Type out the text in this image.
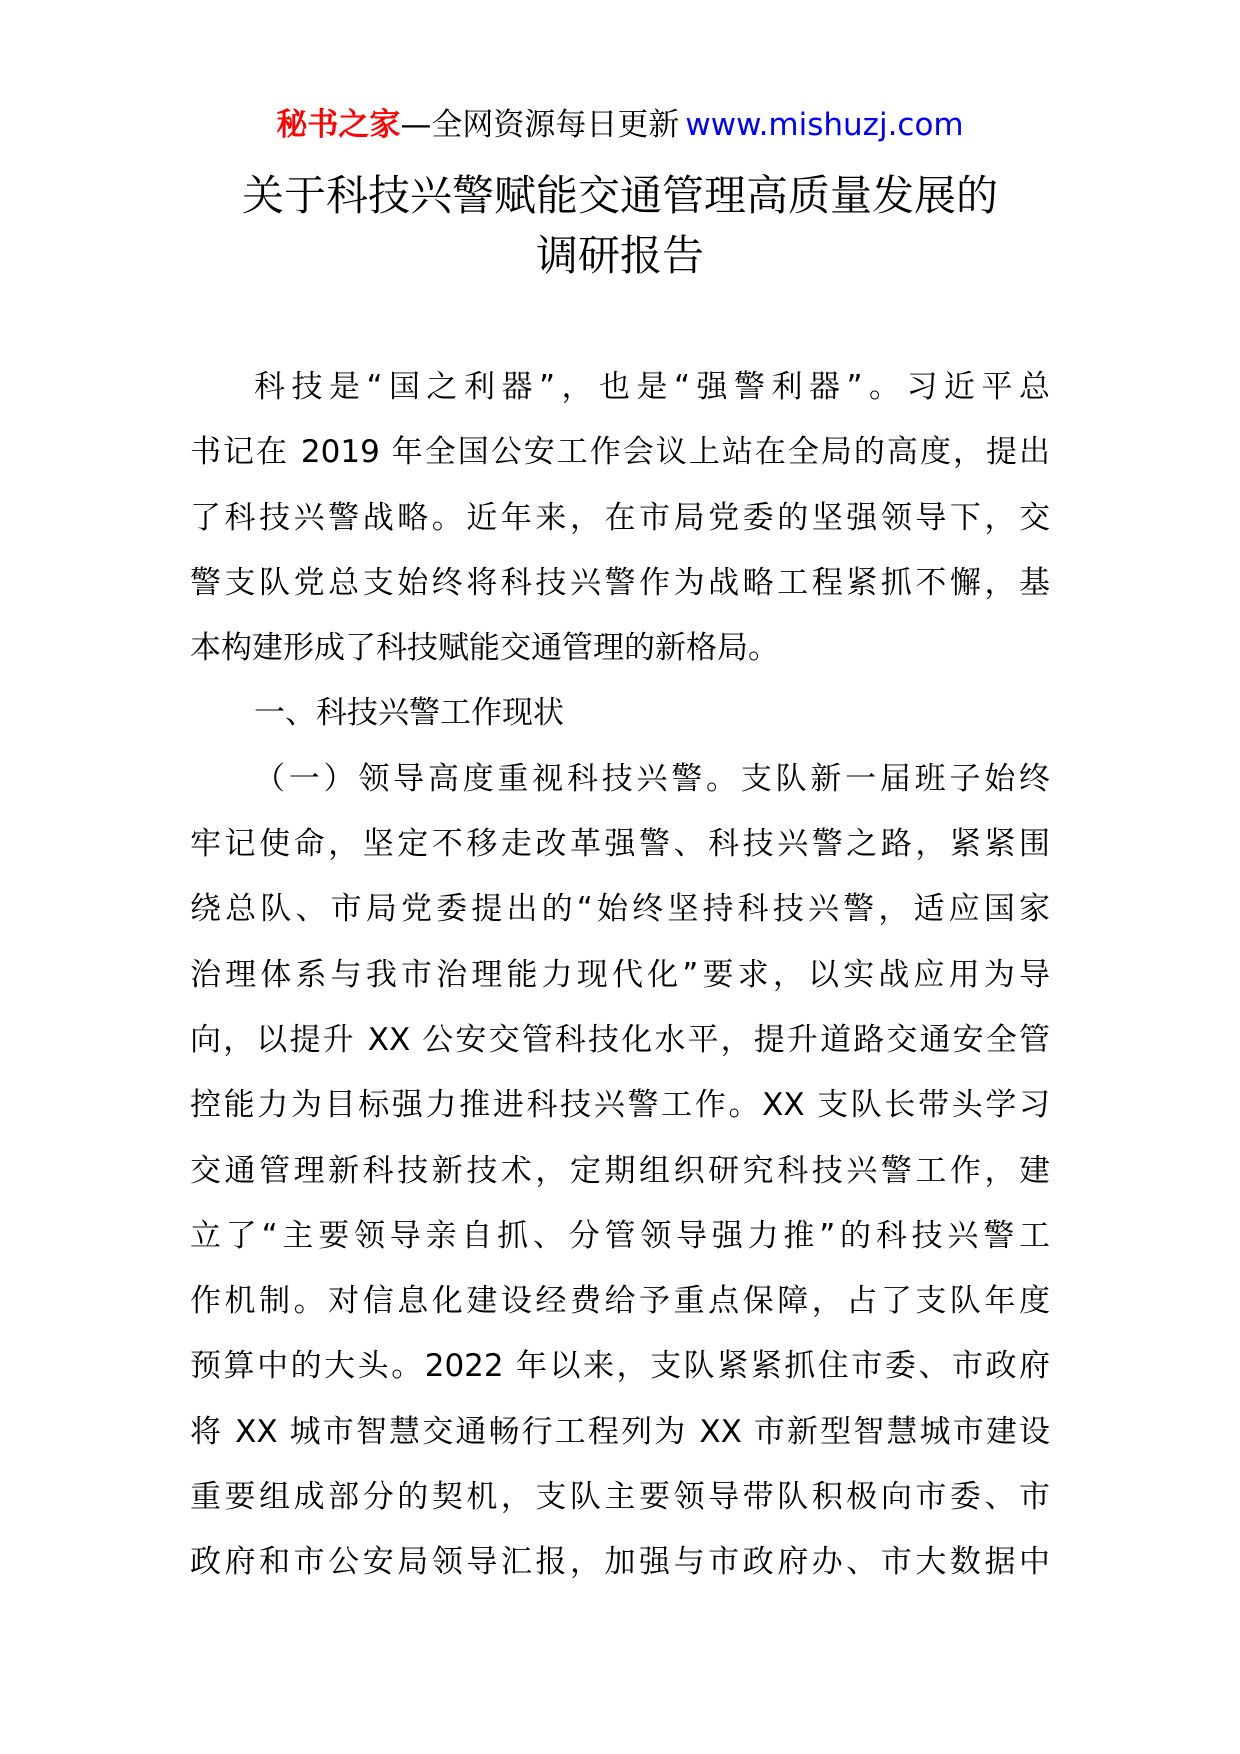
秘书之家—全网资源每日更新 www.mishuzj.com
关于科技兴警赋能交通管理高质量发展的
调研报告
科技是“国之利器”，也是“强警利器”。习近平总
书记在 2019 年全国公安工作会议上站在全局的高度，提出
了科技兴警战略。近年来，在市局党委的坚强领导下，交
警支队党总支始终将科技兴警作为战略工程紧抓不懈，基
本构建形成了科技赋能交通管理的新格局。
一、科技兴警工作现状
（一）领导高度重视科技兴警。支队新一届班子始终
牢记使命，坚定不移走改革强警、科技兴警之路，紧紧围
绕总队、市局党委提出的“始终坚持科技兴警，适应国家
治理体系与我市治理能力现代化”要求，以实战应用为导
向，以提升 XX 公安交管科技化水平，提升道路交通安全管
控能力为目标强力推进科技兴警工作。XX 支队长带头学习
交通管理新科技新技术，定期组织研究科技兴警工作，建
立了“主要领导亲自抓、分管领导强力推”的科技兴警工
作机制。对信息化建设经费给予重点保障，占了支队年度
预算中的大头。2022 年以来，支队紧紧抓住市委、市政府
将 XX 城市智慧交通畅行工程列为 XX 市新型智慧城市建设
重要组成部分的契机，支队主要领导带队积极向市委、市
政府和市公安局领导汇报，加强与市政府办、市大数据中
